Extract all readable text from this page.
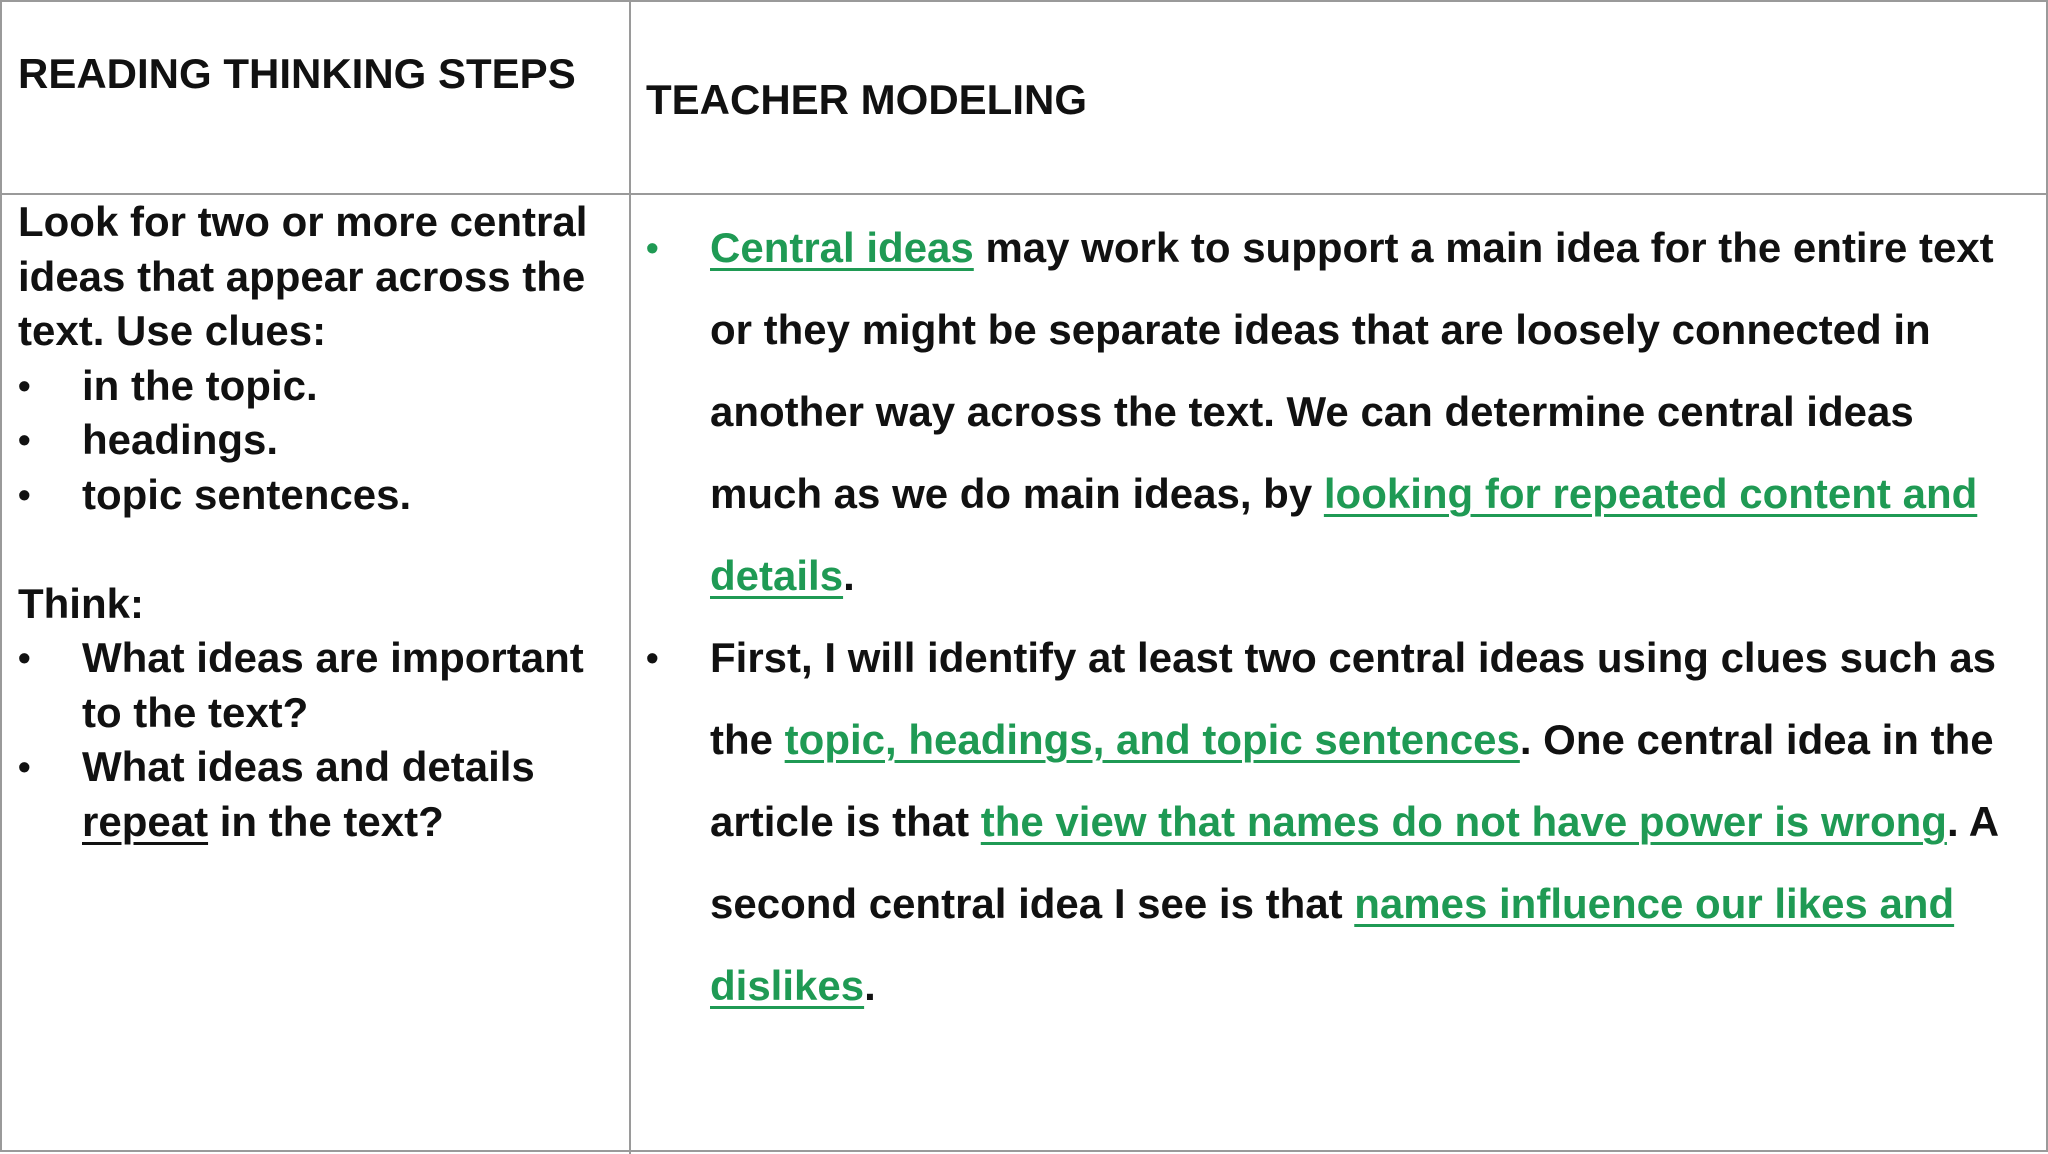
READING THINKING STEPS
TEACHER MODELING

Look for two or more central ideas that appear across the text. Use clues:

• in the topic.
• headings.
• topic sentences.

Think:

• What ideas are important to the text?
• What ideas and details
repeat in the text?
• Central ideas may work to support a main idea for the entire text or they might be separate ideas that are loosely connected in another way across the text. We can determine central ideas much as we do main ideas, by looking for repeated content and details.
• First, I will identify at least two central ideas using clues such as the topic, headings, and topic sentences. One central idea in the article is that the view that names do not have power is wrong. A second central idea I see is that names influence our likes and dislikes.
